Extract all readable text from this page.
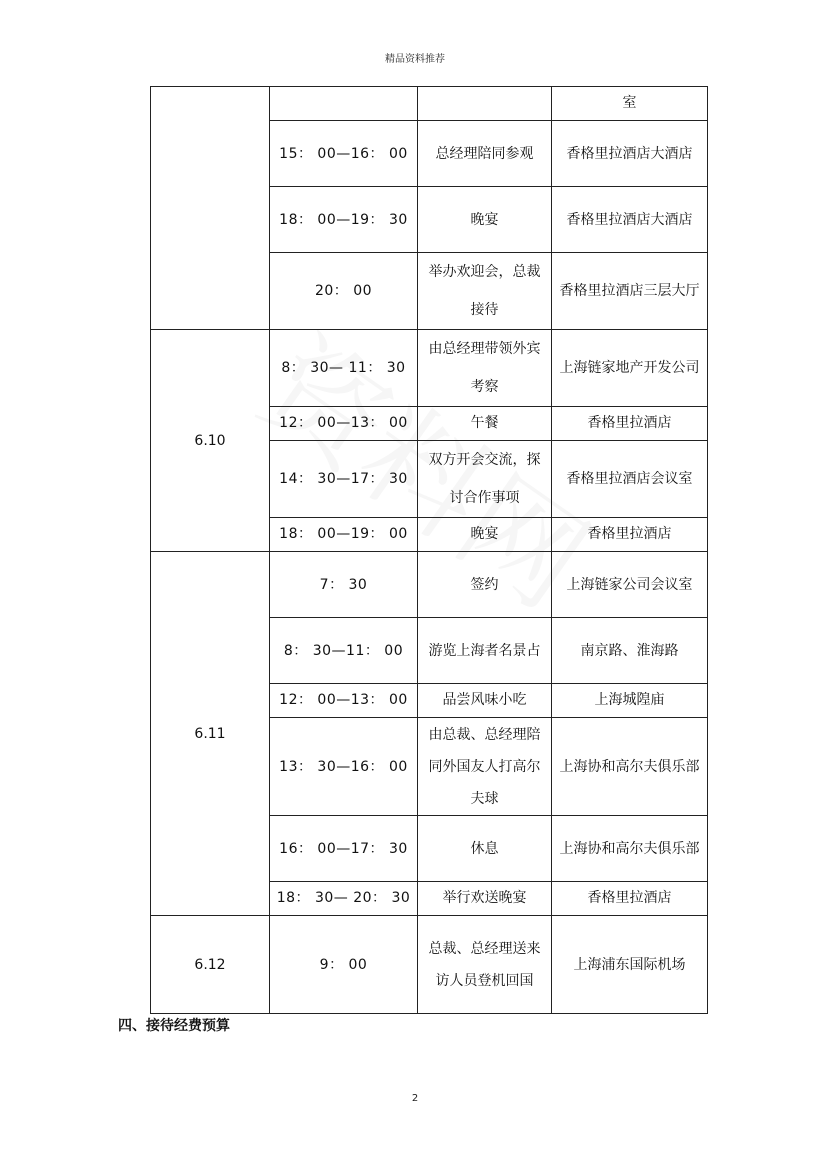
精品资料推荐
			室
	15： 00—16： 00	总经理陪同参观	香格里拉酒店大酒店
	18： 00—19： 30	晚宴	香格里拉酒店大酒店
	20： 00	举办欢迎会，总裁接待	香格里拉酒店三层大厅
6.10	8： 30— 11： 30	由总经理带领外宾考察	上海链家地产开发公司
	12： 00—13： 00	午餐	香格里拉酒店
	14： 30—17： 30	双方开会交流，探讨合作事项	香格里拉酒店会议室
	18： 00—19： 00	晚宴	香格里拉酒店
6.11	7： 30	签约	上海链家公司会议室
	8： 30—11： 00	游览上海者名景占	南京路、淮海路
	12： 00—13： 00	品尝风味小吃	上海城隍庙
	13： 30—16： 00	由总裁、总经理陪同外国友人打高尔夫球	上海协和高尔夫俱乐部
	16： 00—17： 30	休息	上海协和高尔夫俱乐部
	18： 30— 20： 30	举行欢送晚宴	香格里拉酒店
6.12	9： 00	总裁、总经理送来访人员登机回国	上海浦东国际机场
四、接待经费预算
2
